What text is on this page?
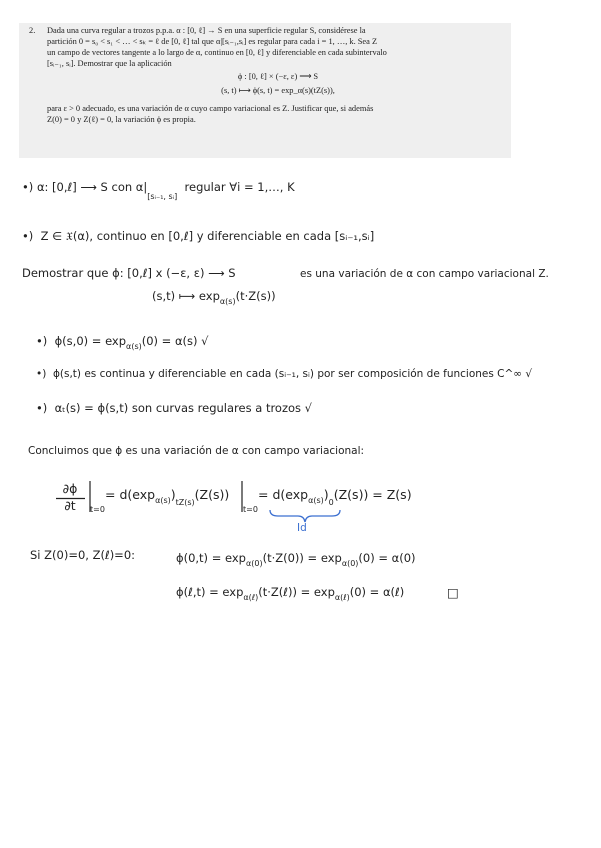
2. Dada una curva regular a trozos p.p.a. α : [0, ℓ] → S en una superficie regular S, considérese la
partición 0 = s₀ < s₁ < … < sₖ = ℓ de [0, ℓ] tal que α|[sᵢ₋₁,sᵢ] es regular para cada i = 1, …, k. Sea Z
un campo de vectores tangente a lo largo de α, continuo en [0, ℓ] y diferenciable en cada subintervalo
[sᵢ₋₁, sᵢ]. Demostrar que la aplicación
ϕ : [0, ℓ] × (−ε, ε) ⟶ S
(s, t) ⟼ ϕ(s, t) = exp_α(s)(tZ(s)),
para ε > 0 adecuado, es una variación de α cuyo campo variacional es Z. Justificar que, si además
Z(0) = 0 y Z(ℓ) = 0, la variación ϕ es propia.
•) α: [0,ℓ] ⟶ S con $\alpha|_{[sᵢ_{-1}, sᵢ]}$  regular ∀i = 1,…, K
•)  Z ∈ 𝔛(α), continuo en [0,ℓ] y diferenciable en cada [sᵢ₋₁,sᵢ]
Demostrar que ϕ: [0,ℓ] x (−ε, ε) ⟶ S	es una variación de α con campo variacional Z.
(s,t) ⟼ $\exp_{\alpha(s)}(t\cdot Z(s))$
•)  $\phi(s,0) = \exp_{\alpha(s)}(0) = \alpha(s)$ √
•)  ϕ(s,t) es continua y diferenciable en cada (sᵢ₋₁, sᵢ) por ser composición de funciones C^∞ √
•)  αₜ(s) = ϕ(s,t) son curvas regulares a trozos √
Concluimos que ϕ es una variación de α con campo variacional:
∂ϕ
∂t	t=0
= $d(\exp_{\alpha(s)})_{tZ(s)}(Z(s))$
t=0
= $d(\exp_{\alpha(s)})_0(Z(s)) = Z(s)$
Id
Si Z(0)=0, Z(ℓ)=0:	$\phi(0,t) = \exp_{\alpha(0)}(t\cdot Z(0)) = \exp_{\alpha(0)}(0) = \alpha(0)$
ϕ(ℓ,t) = $\exp_{\alpha(\ell)}(t\cdot Z(\ell)) = \exp_{\alpha(\ell)}(0)$ = α(ℓ)	□
